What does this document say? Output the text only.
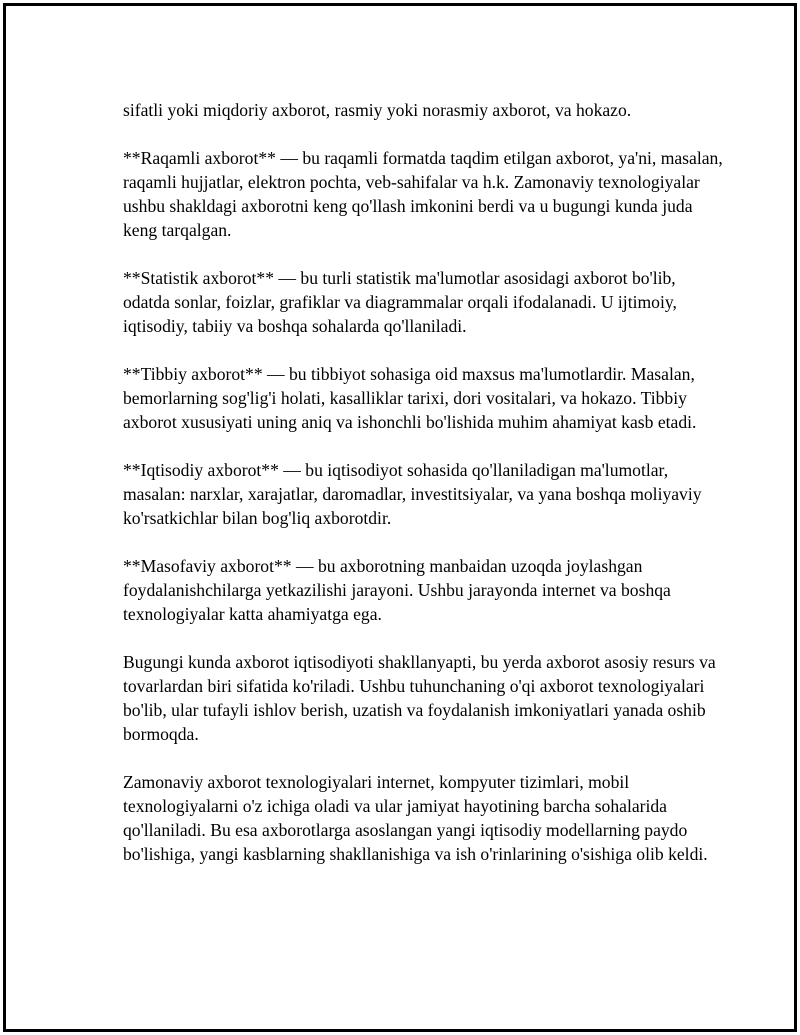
sifatli yoki miqdoriy axborot, rasmiy yoki norasmiy axborot, va hokazo.

**Raqamli axborot** — bu raqamli formatda taqdim etilgan axborot, ya'ni, masalan, raqamli hujjatlar, elektron pochta, veb-sahifalar va h.k. Zamonaviy texnologiyalar ushbu shakldagi axborotni keng qo'llash imkonini berdi va u bugungi kunda juda keng tarqalgan.

**Statistik axborot** — bu turli statistik ma'lumotlar asosidagi axborot bo'lib, odatda sonlar, foizlar, grafiklar va diagrammalar orqali ifodalanadi. U ijtimoiy, iqtisodiy, tabiiy va boshqa sohalarda qo'llaniladi.

**Tibbiy axborot** — bu tibbiyot sohasiga oid maxsus ma'lumotlardir. Masalan, bemorlarning sog'lig'i holati, kasalliklar tarixi, dori vositalari, va hokazo. Tibbiy axborot xususiyati uning aniq va ishonchli bo'lishida muhim ahamiyat kasb etadi.

**Iqtisodiy axborot** — bu iqtisodiyot sohasida qo'llaniladigan ma'lumotlar, masalan: narxlar, xarajatlar, daromadlar, investitsiyalar, va yana boshqa moliyaviy ko'rsatkichlar bilan bog'liq axborotdir.

**Masofaviy axborot** — bu axborotning manbaidan uzoqda joylashgan foydalanishchilarga yetkazilishi jarayoni. Ushbu jarayonda internet va boshqa texnologiyalar katta ahamiyatga ega.

Bugungi kunda axborot iqtisodiyoti shakllanyapti, bu yerda axborot asosiy resurs va tovarlardan biri sifatida ko'riladi. Ushbu tuhunchaning o'qi axborot texnologiyalari bo'lib, ular tufayli ishlov berish, uzatish va foydalanish imkoniyatlari yanada oshib bormoqda.

Zamonaviy axborot texnologiyalari internet, kompyuter tizimlari, mobil texnologiyalarni o'z ichiga oladi va ular jamiyat hayotining barcha sohalarida qo'llaniladi. Bu esa axborotlarga asoslangan yangi iqtisodiy modellarning paydo bo'lishiga, yangi kasblarning shakllanishiga va ish o'rinlarining o'sishiga olib keldi.
